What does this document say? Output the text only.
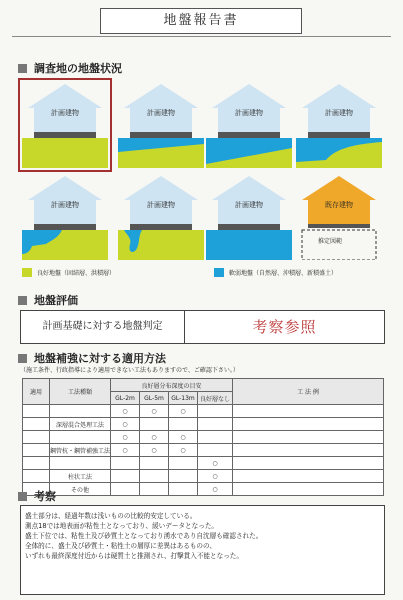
地盤報告書
調査地の地盤状況
計画建物	計画建物	計画建物	計画建物
計画建物	計画建物	計画建物	既存建物
推定図範
良好地盤（固結層、洪積層）	軟弱地盤（自然層、沖積層、新積盛土）
地盤評価
計画基礎に対する地盤判定	考察参照
地盤補強に対する適用方法
（施工条件、行政指導により適用できない工法もありますので、ご確認下さい。）
適用	工法種類	良好層分布深度の目安				工 法 例
		GL-2m	GL-5m	GL-13m	良好層なし	
		○	○	○		
	深層混合処理工法	○				
		○	○	○		
	鋼管杭・鋼管補強工法	○	○	○		
					○	
	柱状工法				○	
	その他				○	
考察
盛土部分は、経過年数は浅いものの比較的安定している。
測点18では地表面が粘性土となっており、緩いデータとなった。
盛土下位では、粘性土及び砂質土となっており湧水であり自沈層も確認された。
全体的に、盛土及び砂質土・粘性土の層厚に差異はあるものの、
いずれも最終深度付近からは硬質土と推測され、打撃貫入不能となった。
